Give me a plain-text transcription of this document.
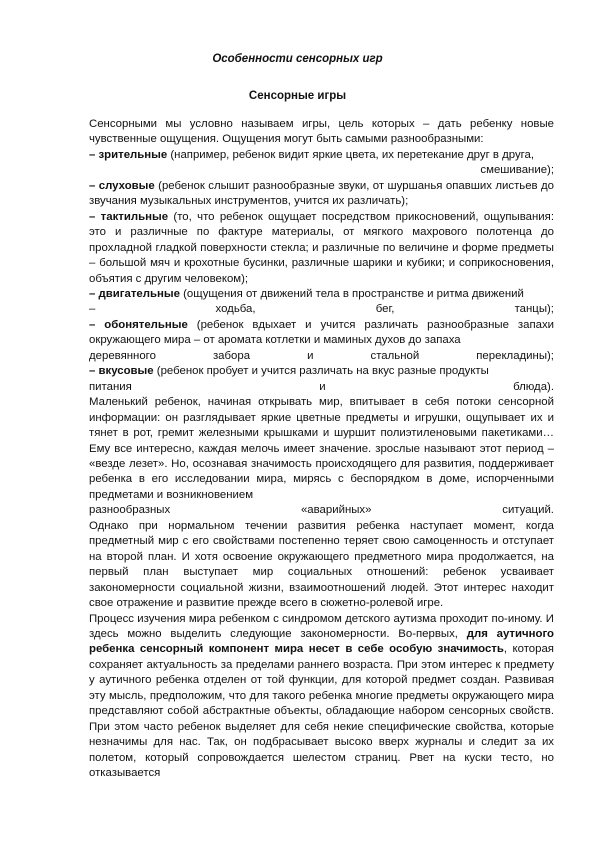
Особенности сенсорных игр
Сенсорные игры

Сенсорными мы условно называем игры, цель которых – дать ребенку новые чувственные ощущения. Ощущения могут быть самыми разнообразными:
– зрительные (например, ребенок видит яркие цвета, их перетекание друг в друга,

смешивание);

– слуховые (ребенок слышит разнообразные звуки, от шуршанья опавших листьев до звучания музыкальных инструментов, учится их различать);
– тактильные (то, что ребенок ощущает посредством прикосновений, ощупывания: это и различные по фактуре материалы, от мягкого махрового полотенца до прохладной гладкой поверхности стекла; и различные по величине и форме предметы – большой мяч и крохотные бусинки, различные шарики и кубики; и соприкосновения, объятия с другим человеком);
– двигательные (ощущения от движений тела в пространстве и ритма движений

–	ходьба,	бег,	танцы);

– обонятельные (ребенок вдыхает и учится различать разнообразные запахи окружающего мира – от аромата котлетки и маминых духов до запаха

деревянного	забора	и	стальной	перекладины);

– вкусовые (ребенок пробует и учится различать на вкус разные продукты

питания	и	блюда).

Маленький ребенок, начиная открывать мир, впитывает в себя потоки сенсорной информации: он разглядывает яркие цветные предметы и игрушки, ощупывает их и тянет в рот, гремит железными крышками и шуршит полиэтиленовыми пакетиками… Ему все интересно, каждая мелочь имеет значение. зрослые называют этот период – «везде лезет». Но, осознавая значимость происходящего для развития, поддерживает ребенка в его исследовании мира, мирясь с беспорядком в доме, испорченными предметами и возникновением

разнообразных	«аварийных»	ситуаций.

Однако при нормальном течении развития ребенка наступает момент, когда предметный мир с его свойствами постепенно теряет свою самоценность и отступает на второй план. И хотя освоение окружающего предметного мира продолжается, на первый план выступает мир социальных отношений: ребенок усваивает закономерности социальной жизни, взаимоотношений людей. Этот интерес находит свое отражение и развитие прежде всего в сюжетно-ролевой игре.

Процесс изучения мира ребенком с синдромом детского аутизма проходит по-иному. И здесь можно выделить следующие закономерности. Во-первых, для аутичного ребенка сенсорный компонент мира несет в себе особую значимость, которая сохраняет актуальность за пределами раннего возраста. При этом интерес к предмету у аутичного ребенка отделен от той функции, для которой предмет создан. Развивая эту мысль, предположим, что для такого ребенка многие предметы окружающего мира представляют собой абстрактные объекты, обладающие набором сенсорных свойств. При этом часто ребенок выделяет для себя некие специфические свойства, которые незначимы для нас. Так, он подбрасывает высоко вверх журналы и следит за их полетом, который сопровождается шелестом страниц. Рвет на куски тесто, но отказывается
